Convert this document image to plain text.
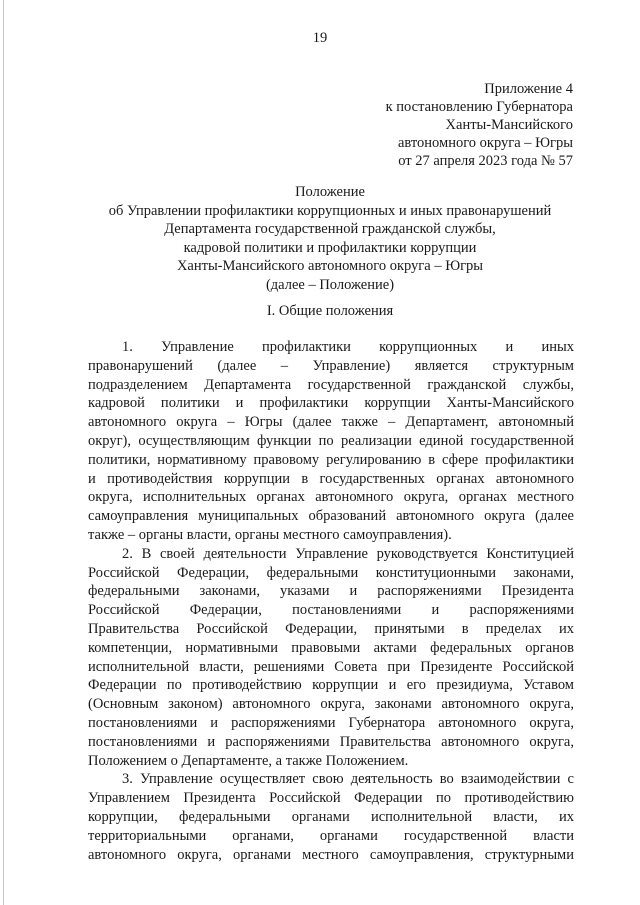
19
Приложение 4
к постановлению Губернатора
Ханты-Мансийского
автономного округа – Югры
от 27 апреля 2023 года № 57
Положение
об Управлении профилактики коррупционных и иных правонарушений
Департамента государственной гражданской службы,
кадровой политики и профилактики коррупции
Ханты-Мансийского автономного округа – Югры
(далее – Положение)
I. Общие положения
1. Управление профилактики коррупционных и иных
правонарушений (далее – Управление) является структурным
подразделением Департамента государственной гражданской службы,
кадровой политики и профилактики коррупции Ханты-Мансийского
автономного округа – Югры (далее также – Департамент, автономный
округ), осуществляющим функции по реализации единой государственной
политики, нормативному правовому регулированию в сфере профилактики
и противодействия коррупции в государственных органах автономного
округа, исполнительных органах автономного округа, органах местного
самоуправления муниципальных образований автономного округа (далее
также – органы власти, органы местного самоуправления).
2. В своей деятельности Управление руководствуется Конституцией
Российской Федерации, федеральными конституционными законами,
федеральными законами, указами и распоряжениями Президента
Российской Федерации, постановлениями и распоряжениями
Правительства Российской Федерации, принятыми в пределах их
компетенции, нормативными правовыми актами федеральных органов
исполнительной власти, решениями Совета при Президенте Российской
Федерации по противодействию коррупции и его президиума, Уставом
(Основным законом) автономного округа, законами автономного округа,
постановлениями и распоряжениями Губернатора автономного округа,
постановлениями и распоряжениями Правительства автономного округа,
Положением о Департаменте, а также Положением.
3. Управление осуществляет свою деятельность во взаимодействии с
Управлением Президента Российской Федерации по противодействию
коррупции, федеральными органами исполнительной власти, их
территориальными органами, органами государственной власти
автономного округа, органами местного самоуправления, структурными
